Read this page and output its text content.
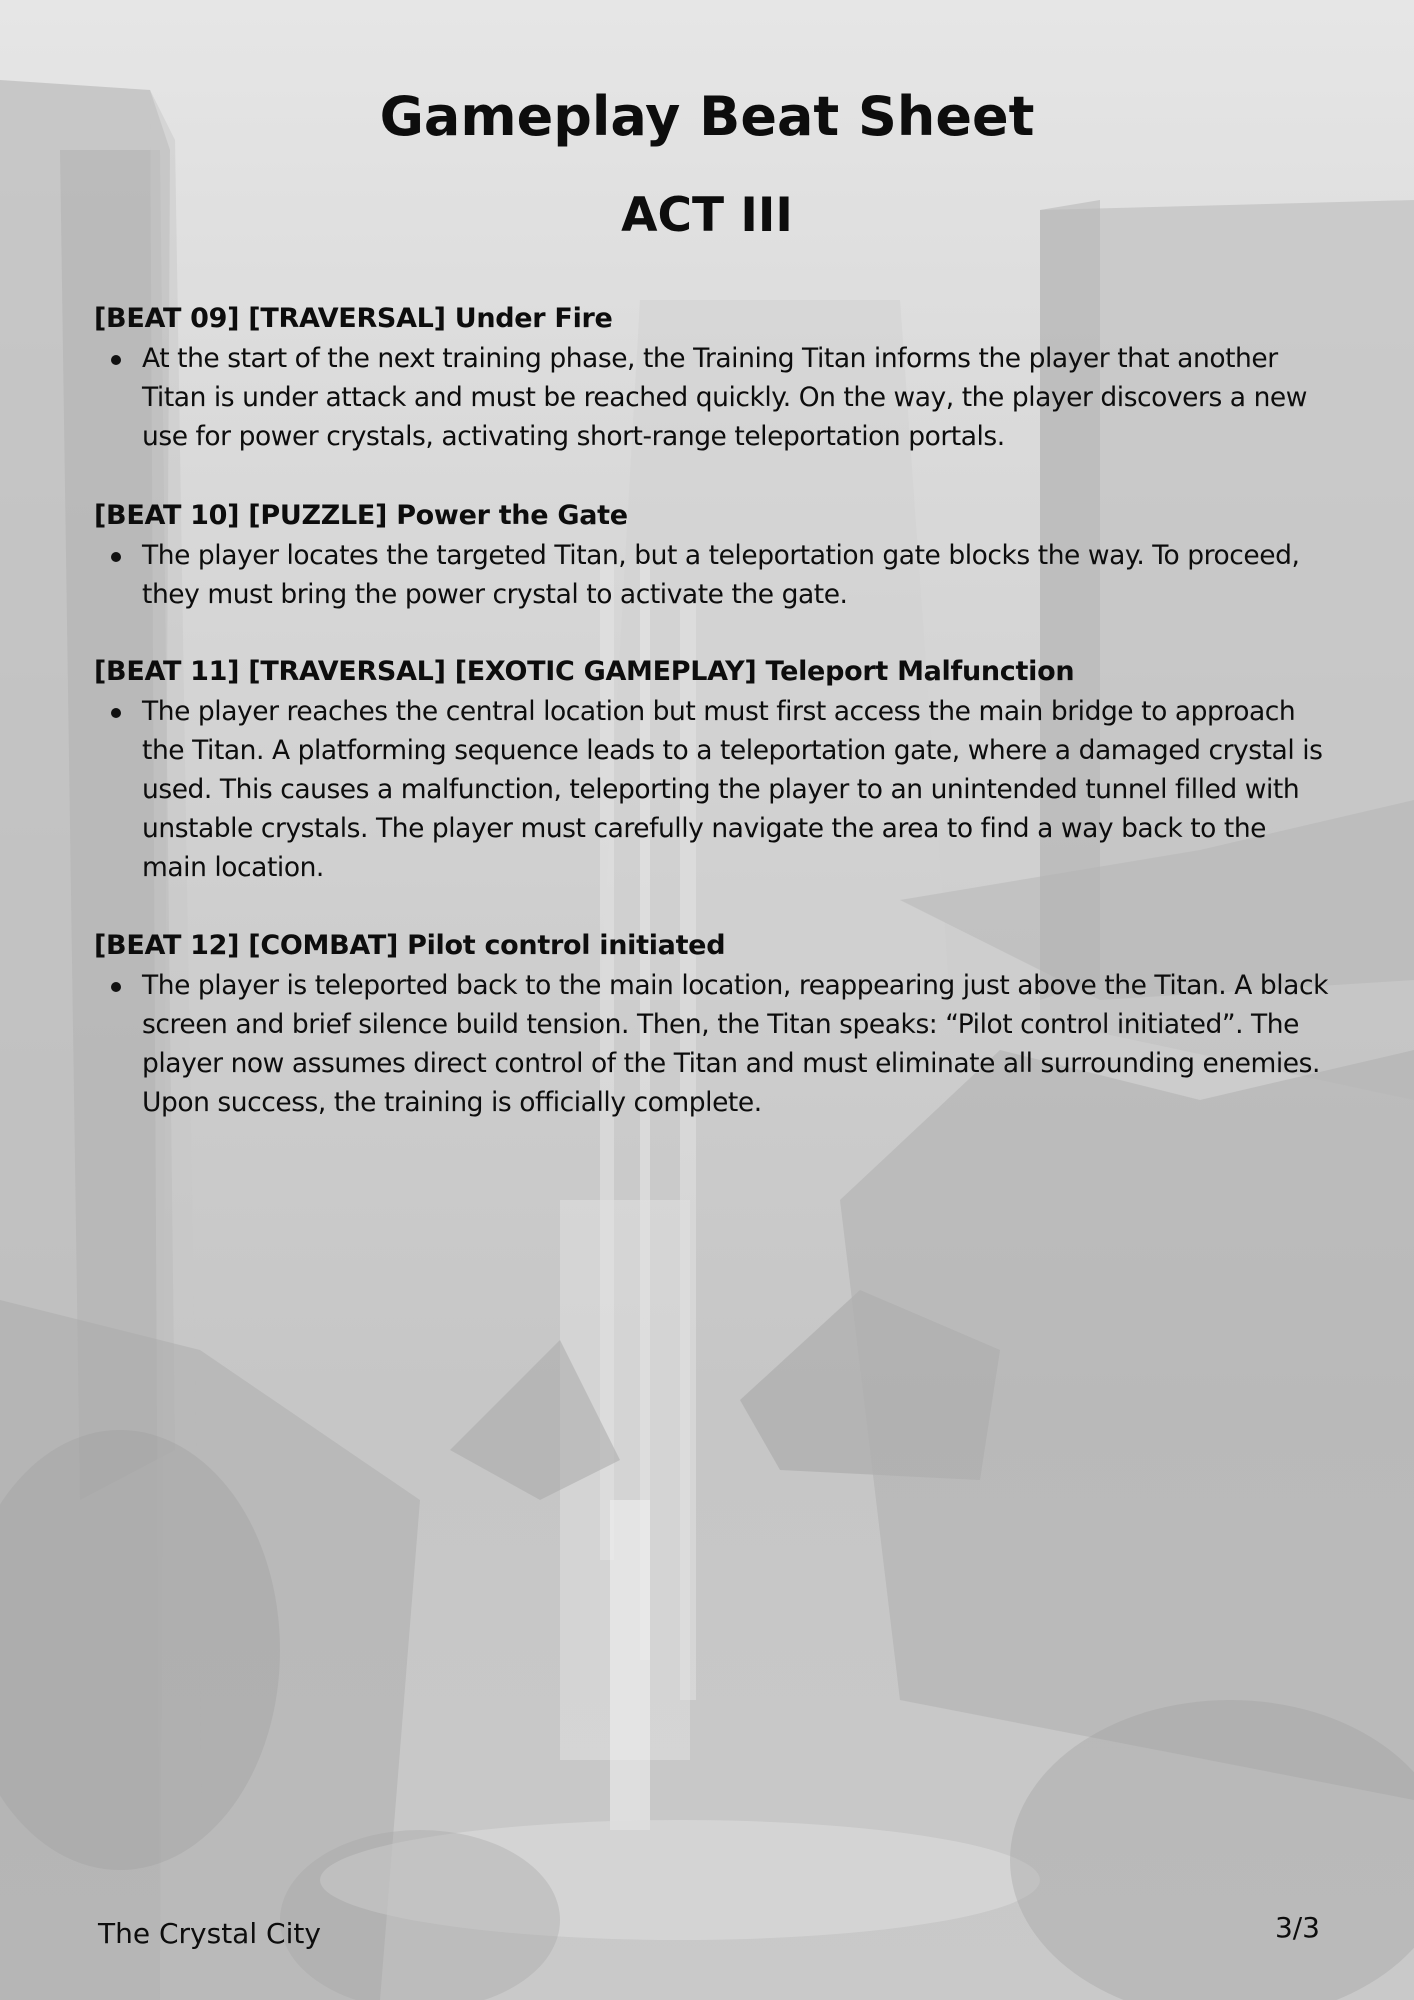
Gameplay Beat Sheet
ACT III
[BEAT 09] [TRAVERSAL] Under Fire
At the start of the next training phase, the Training Titan informs the player that another Titan is under attack and must be reached quickly. On the way, the player discovers a new use for power crystals, activating short-range teleportation portals.
[BEAT 10] [PUZZLE] Power the Gate
The player locates the targeted Titan, but a teleportation gate blocks the way. To proceed, they must bring the power crystal to activate the gate.
[BEAT 11] [TRAVERSAL] [EXOTIC GAMEPLAY] Teleport Malfunction
The player reaches the central location but must first access the main bridge to approach the Titan. A platforming sequence leads to a teleportation gate, where a damaged crystal is used. This causes a malfunction, teleporting the player to an unintended tunnel filled with unstable crystals. The player must carefully navigate the area to find a way back to the main location.
[BEAT 12] [COMBAT] Pilot control initiated
The player is teleported back to the main location, reappearing just above the Titan. A black screen and brief silence build tension. Then, the Titan speaks: “Pilot control initiated”. The player now assumes direct control of the Titan and must eliminate all surrounding enemies. Upon success, the training is officially complete.
The Crystal City	3/3
